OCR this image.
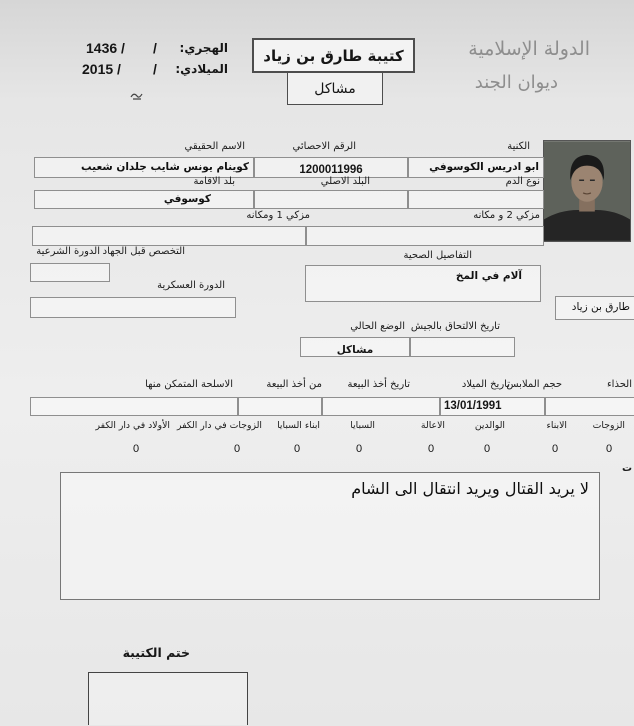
الهجري:
/
1436 /
الميلادي:
/
2015 /
كتيبة طارق بن زياد
مشاكل
الدولة الإسلامية
ديوان الجند
الكنية
الرقم الاحصائي
الاسم الحقيقي
ابو ادريس الكوسوفي
1200011996
كوينام يونس شايب جلدان شعيب
نوع الدم
البلد الاصلي
بلد الاقامة
كوسوفي
مزكي 2 و مكانه
مزكي 1 ومكانه
التفاصيل الصحية
التخصص قبل الجهاد
الدورة الشرعية
آلام في المخ
الدورة العسكرية
طارق بن زياد
تاريخ الالتحاق بالجيش
الوضع الحالي
مشاكل
الحذاء
حجم الملابس
تاريخ الميلاد
تاريخ أخذ البيعة
من أخذ البيعة
الاسلحة المتمكن منها
13/01/1991
الزوجات
الابناء
الوالدين
الاعالة
السبايا
ابناء السبايا
الزوجات في دار الكفر
الأولاد في دار الكفر
0
0
0
0
0
0
0
0
ت
لا يريد القتال ويريد انتقال الى الشام
ختم الكتيبة
